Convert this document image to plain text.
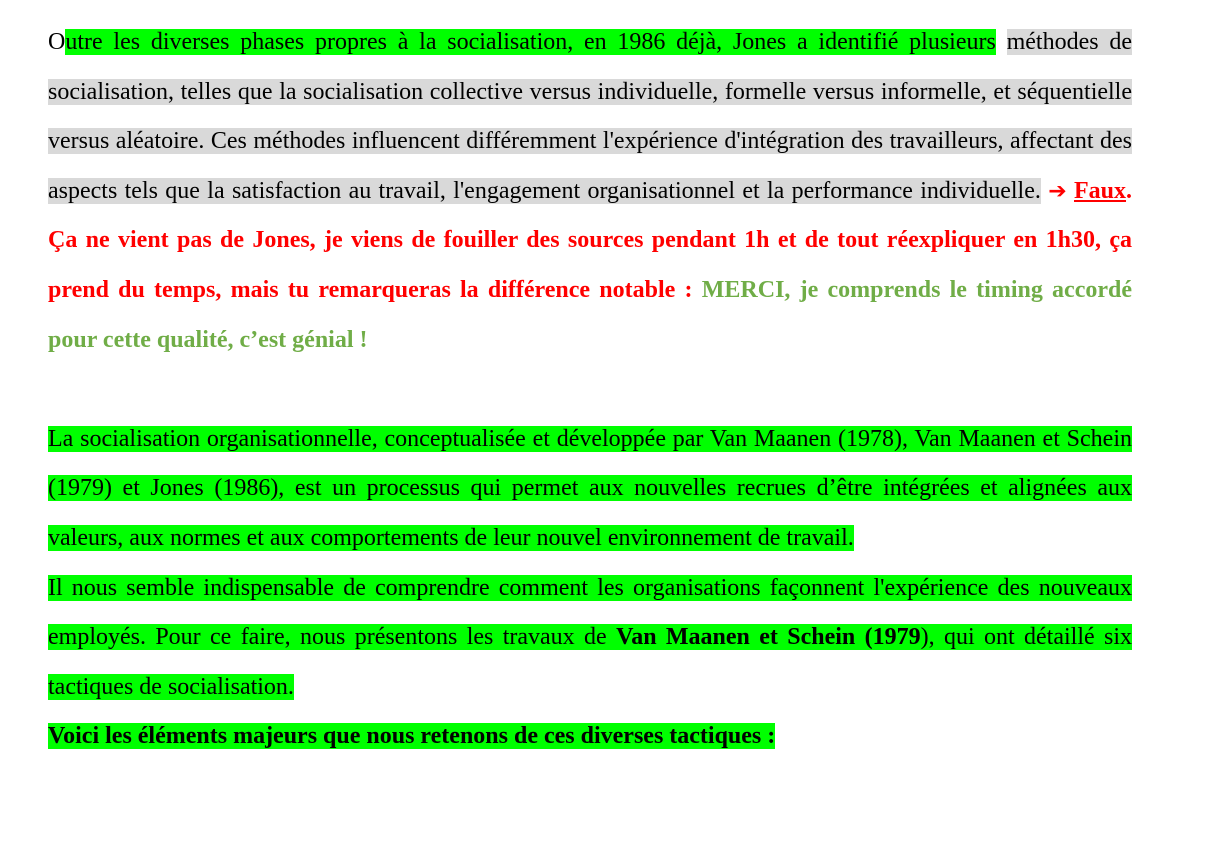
Outre les diverses phases propres à la socialisation, en 1986 déjà, Jones a identifié plusieurs méthodes de socialisation, telles que la socialisation collective versus individuelle, formelle versus informelle, et séquentielle versus aléatoire. Ces méthodes influencent différemment l'expérience d'intégration des travailleurs, affectant des aspects tels que la satisfaction au travail, l'engagement organisationnel et la performance individuelle. ➔ Faux. Ça ne vient pas de Jones, je viens de fouiller des sources pendant 1h et de tout réexpliquer en 1h30, ça prend du temps, mais tu remarqueras la différence notable : MERCI, je comprends le timing accordé pour cette qualité, c’est génial !

La socialisation organisationnelle, conceptualisée et développée par Van Maanen (1978), Van Maanen et Schein (1979) et Jones (1986), est un processus qui permet aux nouvelles recrues d’être intégrées et alignées aux valeurs, aux normes et aux comportements de leur nouvel environnement de travail.

Il nous semble indispensable de comprendre comment les organisations façonnent l'expérience des nouveaux employés. Pour ce faire, nous présentons les travaux de Van Maanen et Schein (1979), qui ont détaillé six tactiques de socialisation.

Voici les éléments majeurs que nous retenons de ces diverses tactiques :
